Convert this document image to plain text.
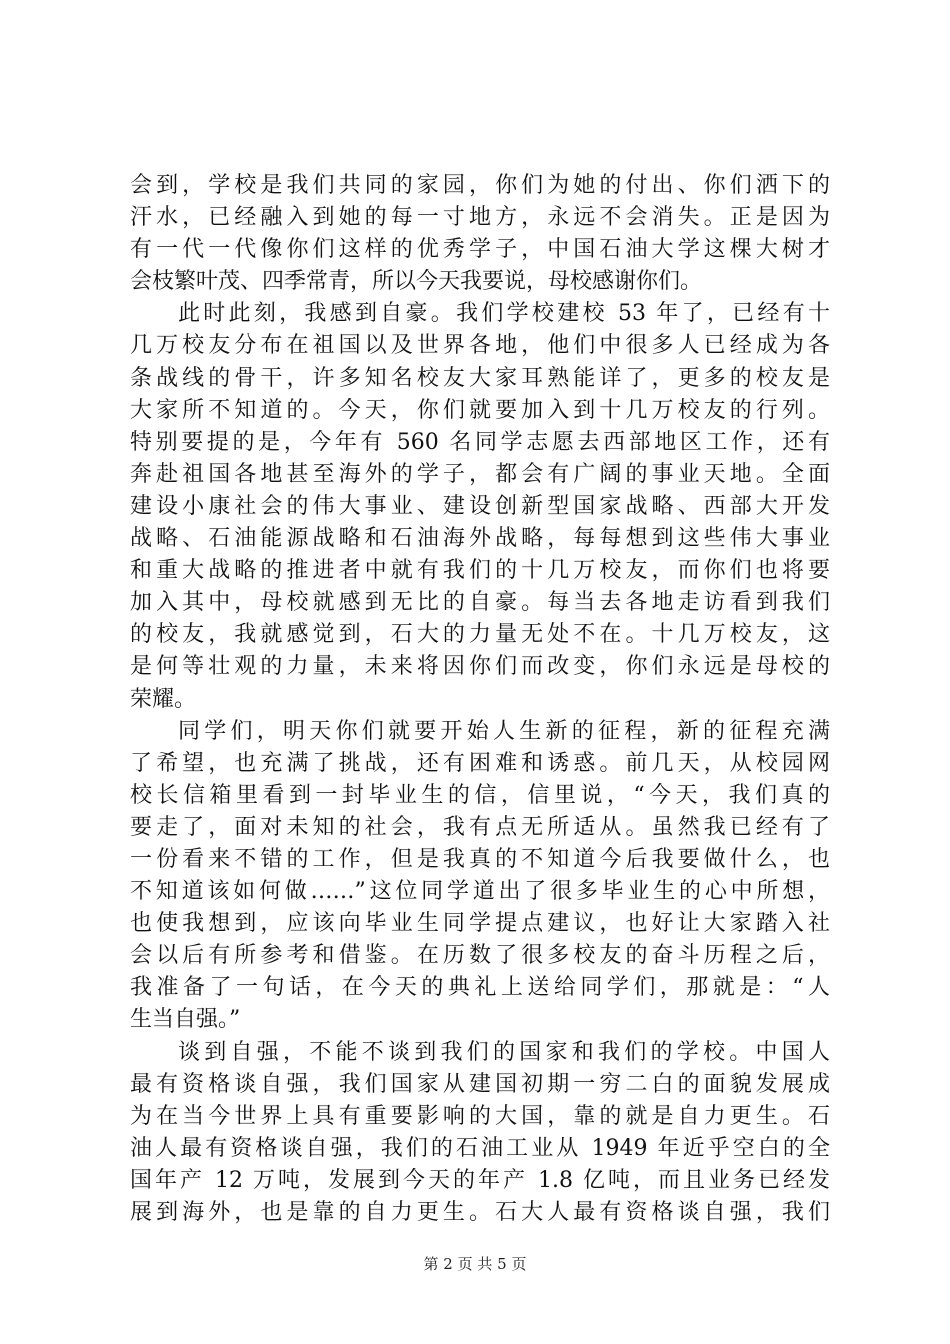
会到，学校是我们共同的家园，你们为她的付出、你们洒下的
汗水，已经融入到她的每一寸地方，永远不会消失。正是因为
有一代一代像你们这样的优秀学子，中国石油大学这棵大树才
会枝繁叶茂、四季常青，所以今天我要说，母校感谢你们。
此时此刻，我感到自豪。我们学校建校 53 年了，已经有十
几万校友分布在祖国以及世界各地，他们中很多人已经成为各
条战线的骨干，许多知名校友大家耳熟能详了，更多的校友是
大家所不知道的。今天，你们就要加入到十几万校友的行列。
特别要提的是，今年有 560 名同学志愿去西部地区工作，还有
奔赴祖国各地甚至海外的学子，都会有广阔的事业天地。全面
建设小康社会的伟大事业、建设创新型国家战略、西部大开发
战略、石油能源战略和石油海外战略，每每想到这些伟大事业
和重大战略的推进者中就有我们的十几万校友，而你们也将要
加入其中，母校就感到无比的自豪。每当去各地走访看到我们
的校友，我就感觉到，石大的力量无处不在。十几万校友，这
是何等壮观的力量，未来将因你们而改变，你们永远是母校的
荣耀。
同学们，明天你们就要开始人生新的征程，新的征程充满
了希望，也充满了挑战，还有困难和诱惑。前几天，从校园网
校长信箱里看到一封毕业生的信，信里说，“今天，我们真的
要走了，面对未知的社会，我有点无所适从。虽然我已经有了
一份看来不错的工作，但是我真的不知道今后我要做什么，也
不知道该如何做……”这位同学道出了很多毕业生的心中所想，
也使我想到，应该向毕业生同学提点建议，也好让大家踏入社
会以后有所参考和借鉴。在历数了很多校友的奋斗历程之后，
我准备了一句话，在今天的典礼上送给同学们，那就是：“人
生当自强。”
谈到自强，不能不谈到我们的国家和我们的学校。中国人
最有资格谈自强，我们国家从建国初期一穷二白的面貌发展成
为在当今世界上具有重要影响的大国，靠的就是自力更生。石
油人最有资格谈自强，我们的石油工业从 1949 年近乎空白的全
国年产 12 万吨，发展到今天的年产 1.8 亿吨，而且业务已经发
展到海外，也是靠的自力更生。石大人最有资格谈自强，我们
第 2 页 共 5 页
